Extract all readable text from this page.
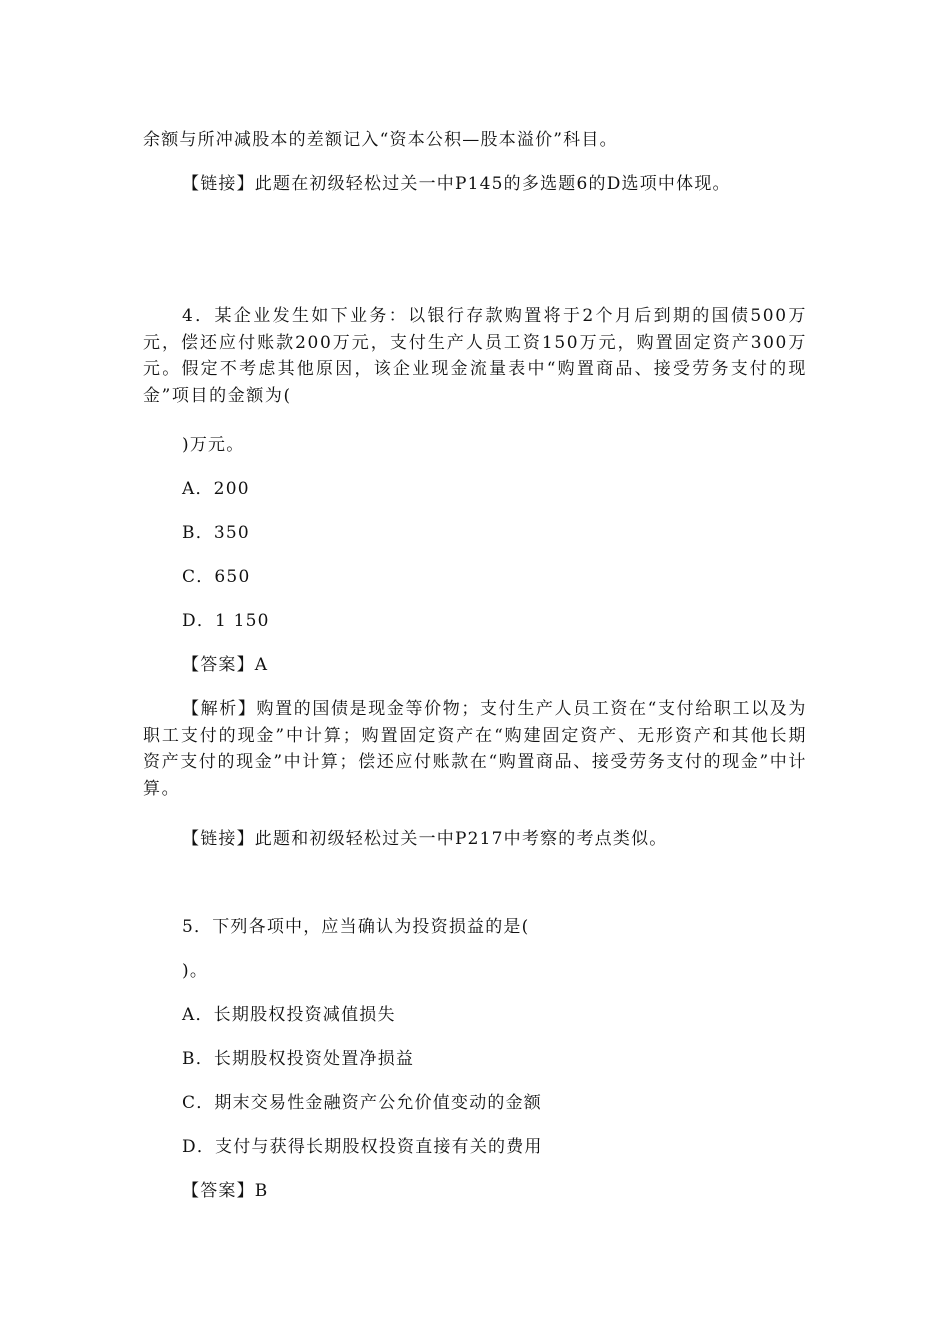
余额与所冲减股本的差额记入“资本公积—股本溢价”科目。
【链接】此题在初级轻松过关一中P145的多选题6的D选项中体现。
4．某企业发生如下业务：以银行存款购置将于2个月后到期的国债500万元，偿还应付账款200万元，支付生产人员工资150万元，购置固定资产300万元。假定不考虑其他原因，该企业现金流量表中“购置商品、接受劳务支付的现金”项目的金额为(
)万元。
A．200
B．350
C．650
D．1 150
【答案】A
【解析】购置的国债是现金等价物；支付生产人员工资在“支付给职工以及为职工支付的现金”中计算；购置固定资产在“购建固定资产、无形资产和其他长期资产支付的现金”中计算；偿还应付账款在“购置商品、接受劳务支付的现金”中计算。
【链接】此题和初级轻松过关一中P217中考察的考点类似。
5．下列各项中，应当确认为投资损益的是(
)。
A．长期股权投资减值损失
B．长期股权投资处置净损益
C．期末交易性金融资产公允价值变动的金额
D．支付与获得长期股权投资直接有关的费用
【答案】B
